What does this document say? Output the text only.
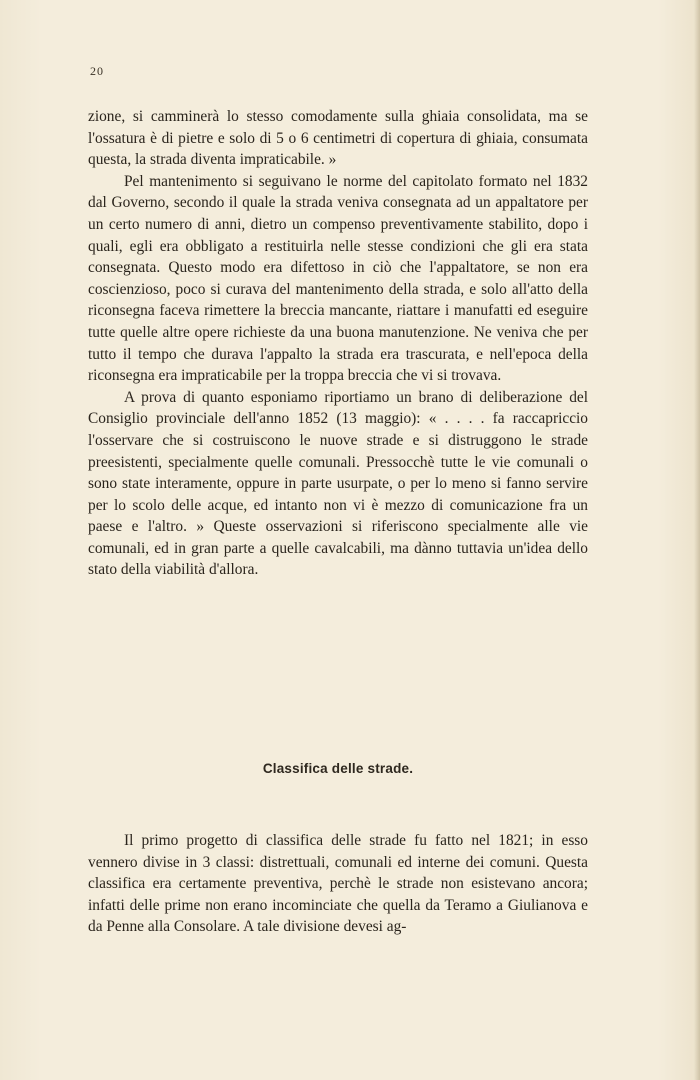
20

zione, si camminerà lo stesso comodamente sulla ghiaia consolidata, ma se l'ossatura è di pietre e solo di 5 o 6 centimetri di copertura di ghiaia, consumata questa, la strada diventa impraticabile. »

Pel mantenimento si seguivano le norme del capitolato formato nel 1832 dal Governo, secondo il quale la strada veniva consegnata ad un appaltatore per un certo numero di anni, dietro un compenso preventivamente stabilito, dopo i quali, egli era obbligato a restituirla nelle stesse condizioni che gli era stata consegnata. Questo modo era difettoso in ciò che l'appaltatore, se non era coscienzioso, poco si curava del mantenimento della strada, e solo all'atto della riconsegna faceva rimettere la breccia mancante, riattare i manufatti ed eseguire tutte quelle altre opere richieste da una buona manutenzione. Ne veniva che per tutto il tempo che durava l'appalto la strada era trascurata, e nell'epoca della riconsegna era impraticabile per la troppa breccia che vi si trovava.

A prova di quanto esponiamo riportiamo un brano di deliberazione del Consiglio provinciale dell'anno 1852 (13 maggio): « . . . . fa raccapriccio l'osservare che si costruiscono le nuove strade e si distruggono le strade preesistenti, specialmente quelle comunali. Pressocchè tutte le vie comunali o sono state interamente, oppure in parte usurpate, o per lo meno si fanno servire per lo scolo delle acque, ed intanto non vi è mezzo di comunicazione fra un paese e l'altro. » Queste osservazioni si riferiscono specialmente alle vie comunali, ed in gran parte a quelle cavalcabili, ma dànno tuttavia un'idea dello stato della viabilità d'allora.

Classifica delle strade.

Il primo progetto di classifica delle strade fu fatto nel 1821; in esso vennero divise in 3 classi: distrettuali, comunali ed interne dei comuni. Questa classifica era certamente preventiva, perchè le strade non esistevano ancora; infatti delle prime non erano incominciate che quella da Teramo a Giulianova e da Penne alla Consolare. A tale divisione devesi ag-
